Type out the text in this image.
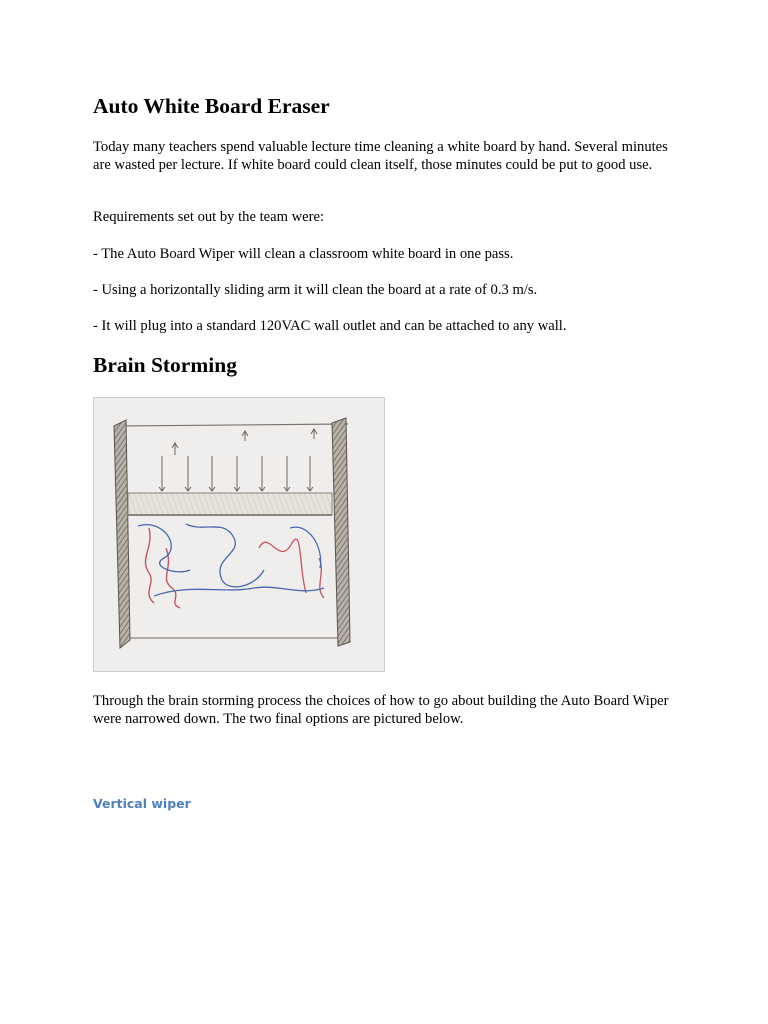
Auto White Board Eraser

Today many teachers spend valuable lecture time cleaning a white board by hand. Several minutes are wasted per lecture. If white board could clean itself, those minutes could be put to good use.

Requirements set out by the team were:

- The Auto Board Wiper will clean a classroom white board in one pass.

- Using a horizontally sliding arm it will clean the board at a rate of 0.3 m/s.

- It will plug into a standard 120VAC wall outlet and can be attached to any wall.

Brain Storming

Through the brain storming process the choices of how to go about building the Auto Board Wiper were narrowed down. The two final options are pictured below.

Vertical wiper
